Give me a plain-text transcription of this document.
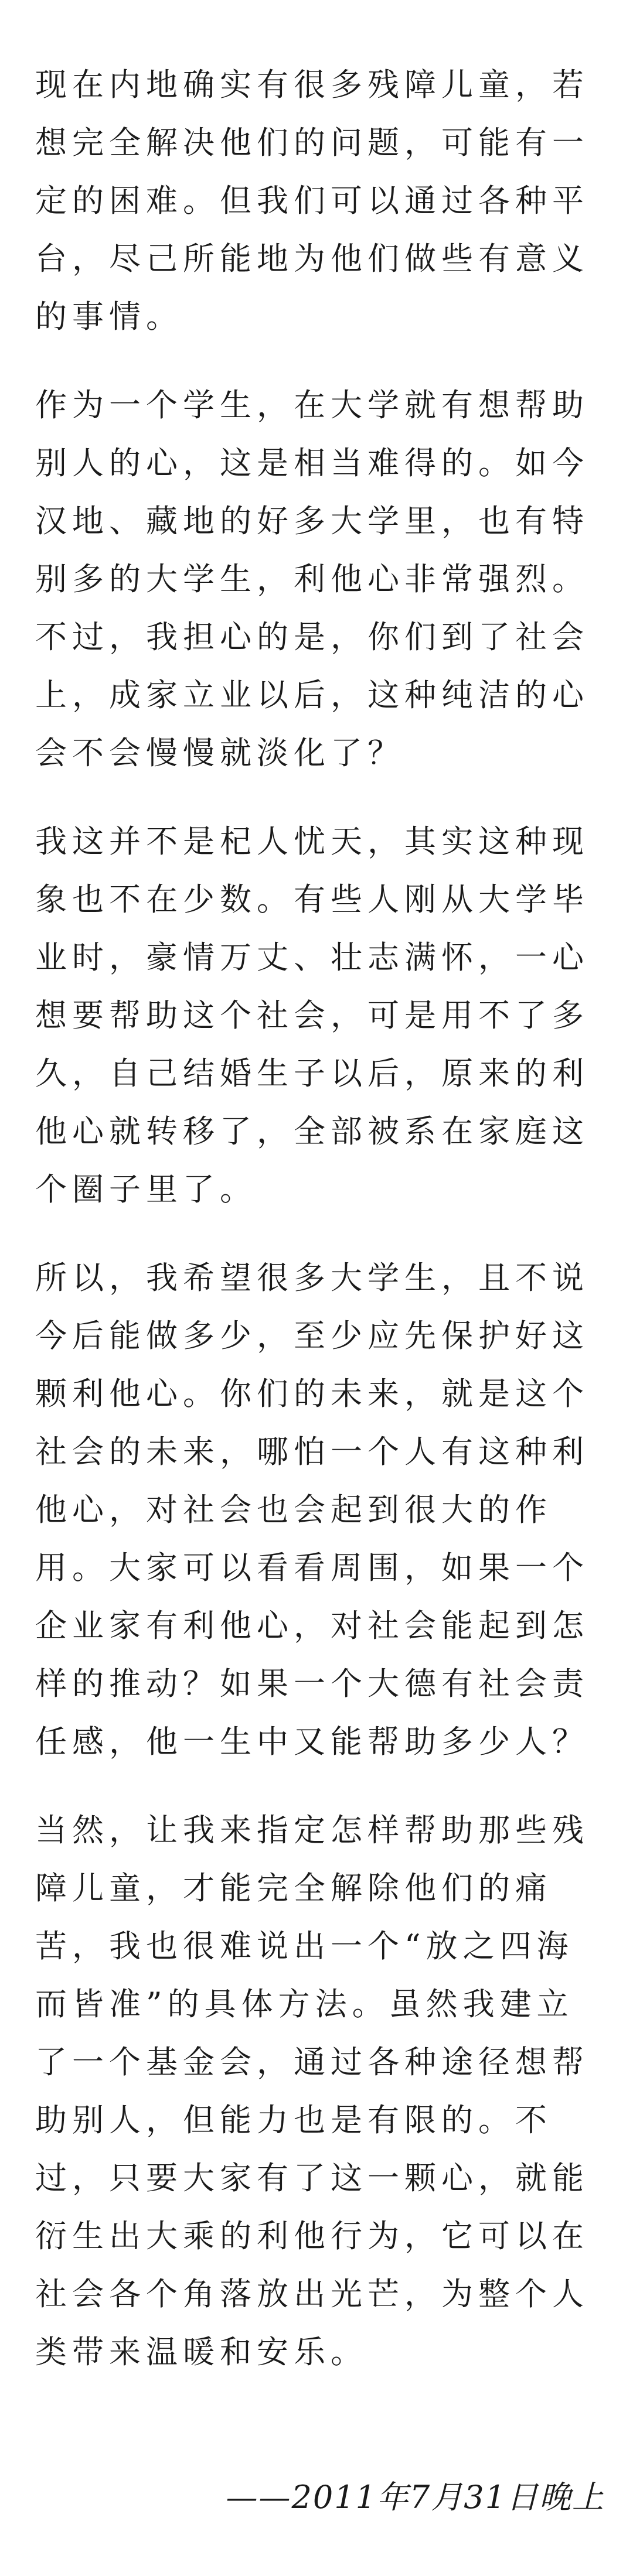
现在内地确实有很多残障儿童，若
想完全解决他们的问题，可能有一
定的困难。但我们可以通过各种平
台，尽己所能地为他们做些有意义
的事情。

作为一个学生，在大学就有想帮助
别人的心，这是相当难得的。如今
汉地、藏地的好多大学里，也有特
别多的大学生，利他心非常强烈。
不过，我担心的是，你们到了社会
上，成家立业以后，这种纯洁的心
会不会慢慢就淡化了？

我这并不是杞人忧天，其实这种现
象也不在少数。有些人刚从大学毕
业时，豪情万丈、壮志满怀，一心
想要帮助这个社会，可是用不了多
久，自己结婚生子以后，原来的利
他心就转移了，全部被系在家庭这
个圈子里了。

所以，我希望很多大学生，且不说
今后能做多少，至少应先保护好这
颗利他心。你们的未来，就是这个
社会的未来，哪怕一个人有这种利
他心，对社会也会起到很大的作
用。大家可以看看周围，如果一个
企业家有利他心，对社会能起到怎
样的推动？如果一个大德有社会责
任感，他一生中又能帮助多少人？

当然，让我来指定怎样帮助那些残
障儿童，才能完全解除他们的痛
苦，我也很难说出一个“放之四海
而皆准”的具体方法。虽然我建立
了一个基金会，通过各种途径想帮
助别人，但能力也是有限的。不
过，只要大家有了这一颗心，就能
衍生出大乘的利他行为，它可以在
社会各个角落放出光芒，为整个人
类带来温暖和安乐。

——2011年7月31日晚上
